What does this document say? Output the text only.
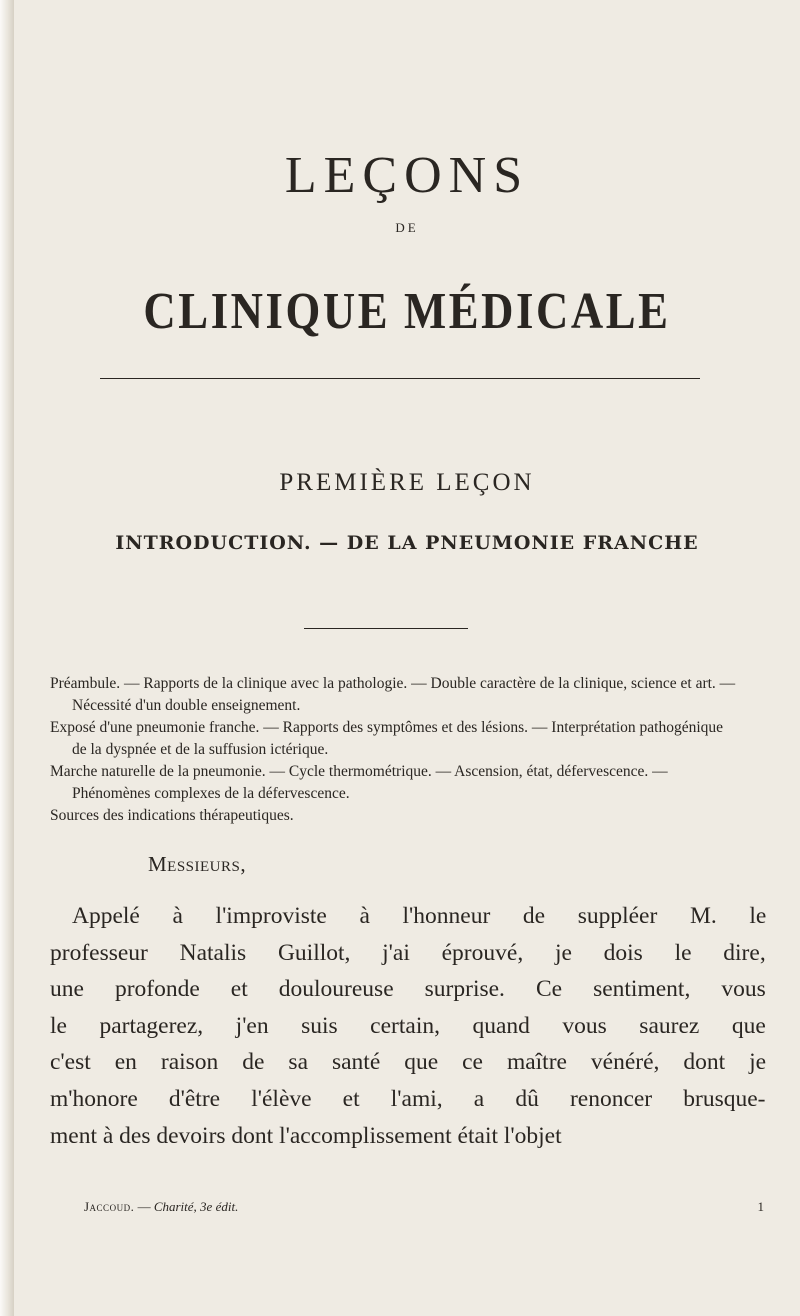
LEÇONS
DE
CLINIQUE MÉDICALE
PREMIÈRE LEÇON
INTRODUCTION. — DE LA PNEUMONIE FRANCHE

Préambule. — Rapports de la clinique avec la pathologie. — Double caractère de la clinique, science et art. — Nécessité d'un double enseignement.

Exposé d'une pneumonie franche. — Rapports des symptômes et des lésions. — Interprétation pathogénique de la dyspnée et de la suffusion ictérique.

Marche naturelle de la pneumonie. — Cycle thermométrique. — Ascension, état, défervescence. — Phénomènes complexes de la défervescence.

Sources des indications thérapeutiques.

Messieurs,
Appelé à l'improviste à l'honneur de suppléer M. le
professeur Natalis Guillot, j'ai éprouvé, je dois le dire,
une profonde et douloureuse surprise. Ce sentiment, vous
le partagerez, j'en suis certain, quand vous saurez que
c'est en raison de sa santé que ce maître vénéré, dont je
m'honore d'être l'élève et l'ami, a dû renoncer brusque-
ment à des devoirs dont l'accomplissement était l'objet
Jaccoud. — Charité, 3e édit.	1
